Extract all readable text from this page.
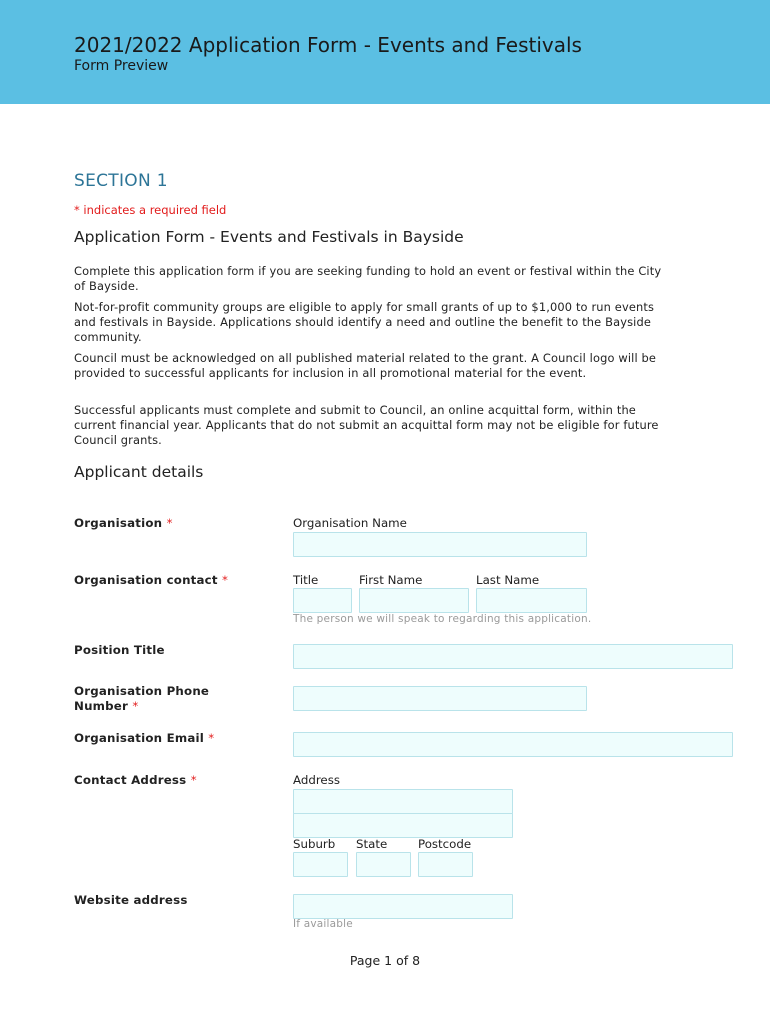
2021/2022 Application Form - Events and Festivals
Form Preview
SECTION 1
* indicates a required field
Application Form - Events and Festivals in Bayside
Complete this application form if you are seeking funding to hold an event or festival within the City of Bayside.
Not-for-profit community groups are eligible to apply for small grants of up to $1,000 to run events and festivals in Bayside. Applications should identify a need and outline the benefit to the Bayside community.
Council must be acknowledged on all published material related to the grant. A Council logo will be provided to successful applicants for inclusion in all promotional material for the event.
Successful applicants must complete and submit to Council, an online acquittal form, within the current financial year. Applicants that do not submit an acquittal form may not be eligible for future Council grants.
Applicant details
Organisation *	Organisation Name
Organisation contact *	Title	First Name	Last Name
The person we will speak to regarding this application.
Position Title
Organisation Phone
Number *
Organisation Email *
Contact Address *	Address
Suburb State	Postcode
Website address
If available
Page 1 of 8
